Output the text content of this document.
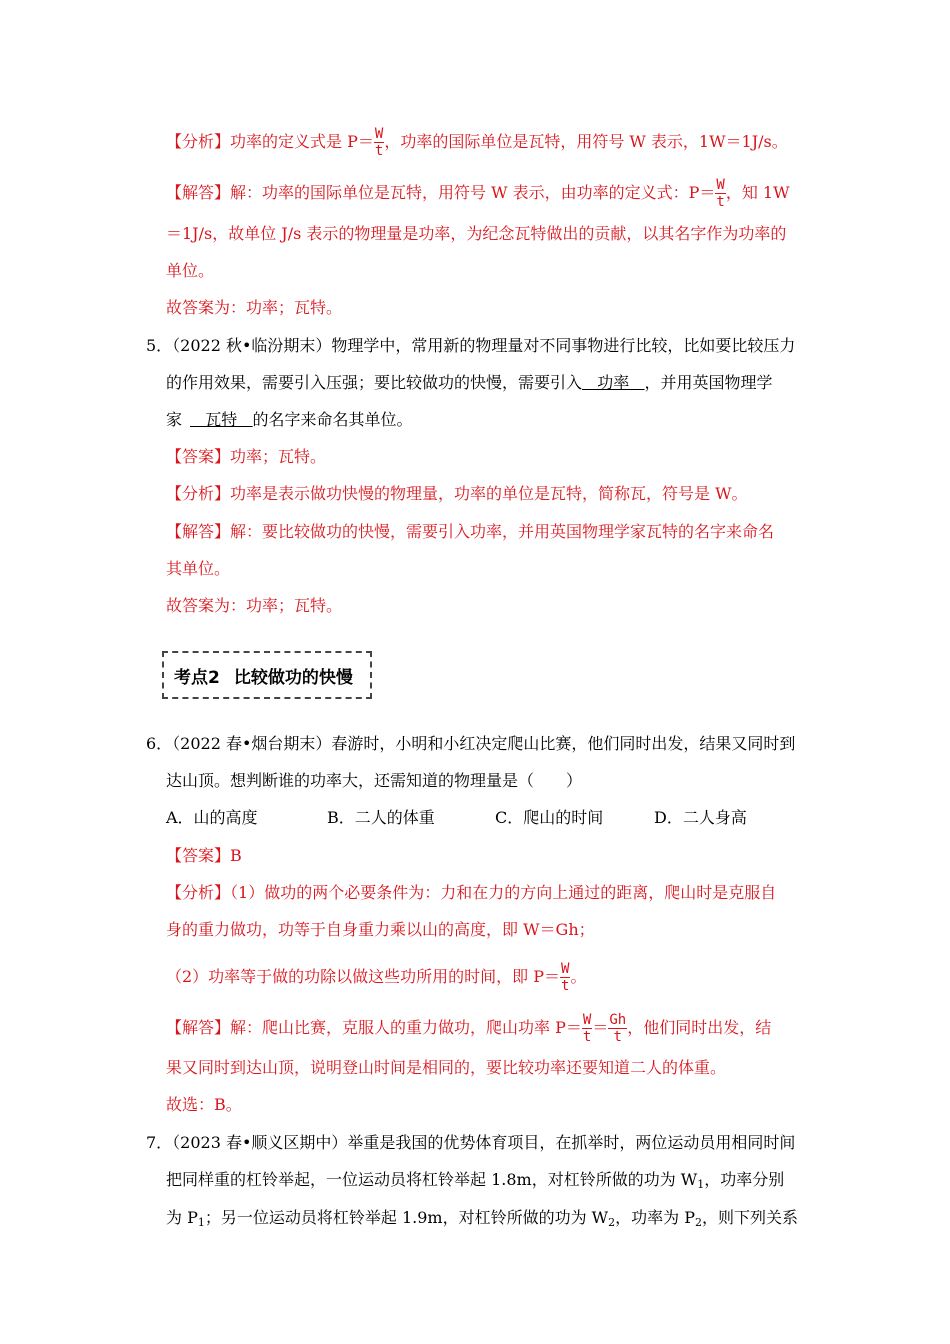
【分析】功率的定义式是 $P= \frac{W}{t}$ ，功率的国际单位是瓦特，用符号 W 表示，1W＝1J/s。
【解答】解：功率的国际单位是瓦特，用符号 W 表示，由功率的定义式：$P= \frac{W}{t}$ ，知 1W
＝1J/s，故单位 J/s 表示的物理量是功率，为纪念瓦特做出的贡献，以其名字作为功率的
单位。
故答案为：功率；瓦特。
5．（2022 秋•临汾期末）物理学中，常用新的物理量对不同事物进行比较，比如要比较压力
的作用效果，需要引入压强；要比较做功的快慢，需要引入   功率   ，并用英国物理学
家   瓦特   的名字来命名其单位。
【答案】功率；瓦特。
【分析】功率是表示做功快慢的物理量，功率的单位是瓦特，简称瓦，符号是 W。
【解答】解：要比较做功的快慢，需要引入功率，并用英国物理学家瓦特的名字来命名
其单位。
故答案为：功率；瓦特。
考点2 比较做功的快慢
6．（2022 春•烟台期末）春游时，小明和小红决定爬山比赛，他们同时出发，结果又同时到
达山顶。想判断谁的功率大，还需知道的物理量是（　　）
A．山的高度	B．二人的体重	C．爬山的时间	D．二人身高
【答案】B
【分析】（1）做功的两个必要条件为：力和在力的方向上通过的距离，爬山时是克服自
身的重力做功，功等于自身重力乘以山的高度，即 W＝Gh；
（2）功率等于做的功除以做这些功所用的时间，即 $P= \frac{W}{t}$ 。
【解答】解：爬山比赛，克服人的重力做功，爬山功率 $P= \frac{W}{t} = \frac{Gh}{t}$ ，他们同时出发，结
果又同时到达山顶，说明登山时间是相同的，要比较功率还要知道二人的体重。
故选：B。
7．（2023 春•顺义区期中）举重是我国的优势体育项目，在抓举时，两位运动员用相同时间
把同样重的杠铃举起，一位运动员将杠铃举起 1.8m，对杠铃所做的功为 $W_1$，功率分别
为 $P_1$；另一位运动员将杠铃举起 1.9m，对杠铃所做的功为 $W_2$，功率为 $P_2$，则下列关系
